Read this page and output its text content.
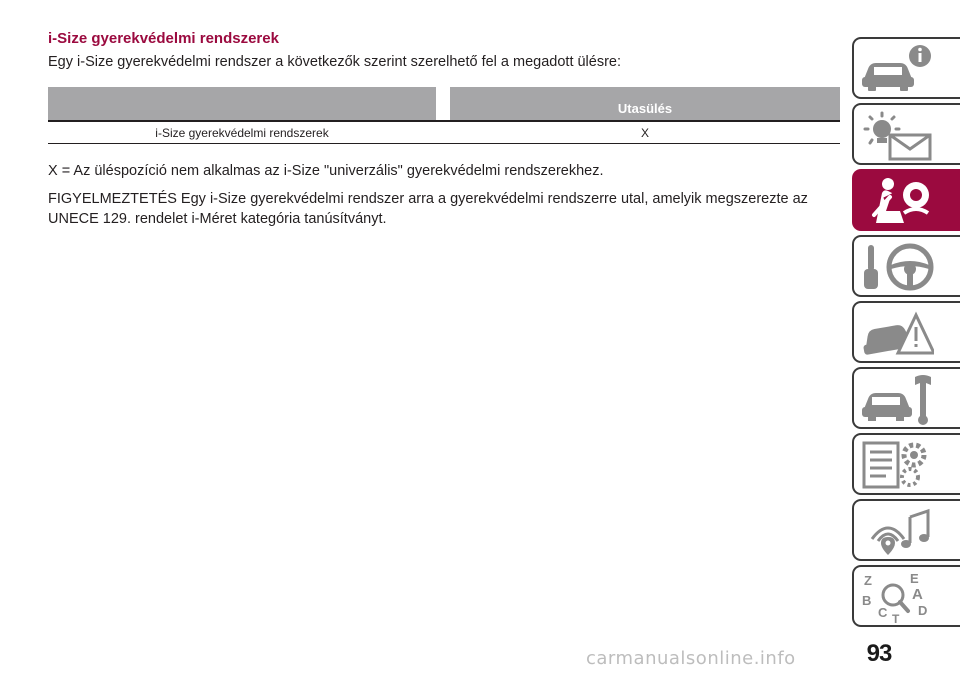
i-Size gyerekvédelmi rendszerek
Egy i-Size gyerekvédelmi rendszer a következők szerint szerelhető fel a megadott ülésre:
Utasülés
i-Size gyerekvédelmi rendszerek	X
X = Az üléspozíció nem alkalmas az i-Size "univerzális" gyerekvédelmi rendszerekhez.
FIGYELMEZTETÉS Egy i-Size gyerekvédelmi rendszer arra a gyerekvédelmi rendszerre utal, amelyik megszerezte az UNECE 129. rendelet i-Méret kategória tanúsítványt.
Z	E
A
B
C D
T
carmanualsonline.info	93
